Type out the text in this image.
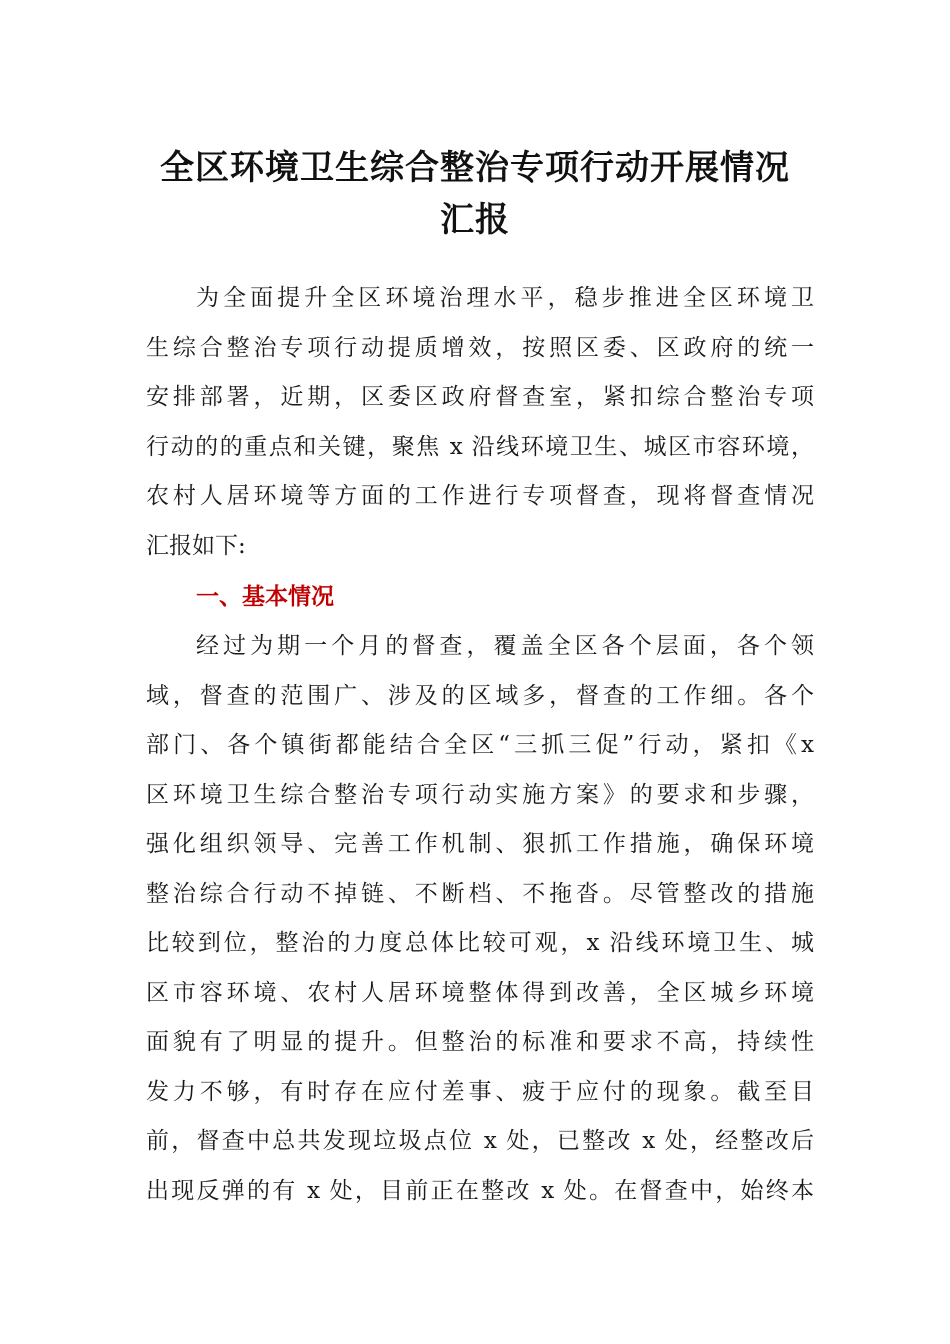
全区环境卫生综合整治专项行动开展情况
汇报
为全面提升全区环境治理水平，稳步推进全区环境卫
生综合整治专项行动提质增效，按照区委、区政府的统一
安排部署，近期，区委区政府督查室，紧扣综合整治专项
行动的的重点和关键，聚焦 x 沿线环境卫生、城区市容环境，
农村人居环境等方面的工作进行专项督查，现将督查情况
汇报如下:
一、基本情况
经过为期一个月的督查，覆盖全区各个层面，各个领
域，督查的范围广、涉及的区域多，督查的工作细。各个
部门、各个镇街都能结合全区“三抓三促”行动，紧扣《x
区环境卫生综合整治专项行动实施方案》的要求和步骤，
强化组织领导、完善工作机制、狠抓工作措施，确保环境
整治综合行动不掉链、不断档、不拖沓。尽管整改的措施
比较到位，整治的力度总体比较可观，x 沿线环境卫生、城
区市容环境、农村人居环境整体得到改善，全区城乡环境
面貌有了明显的提升。但整治的标准和要求不高，持续性
发力不够，有时存在应付差事、疲于应付的现象。截至目
前，督查中总共发现垃圾点位 x 处，已整改 x 处，经整改后
出现反弹的有 x 处，目前正在整改 x 处。在督查中，始终本
